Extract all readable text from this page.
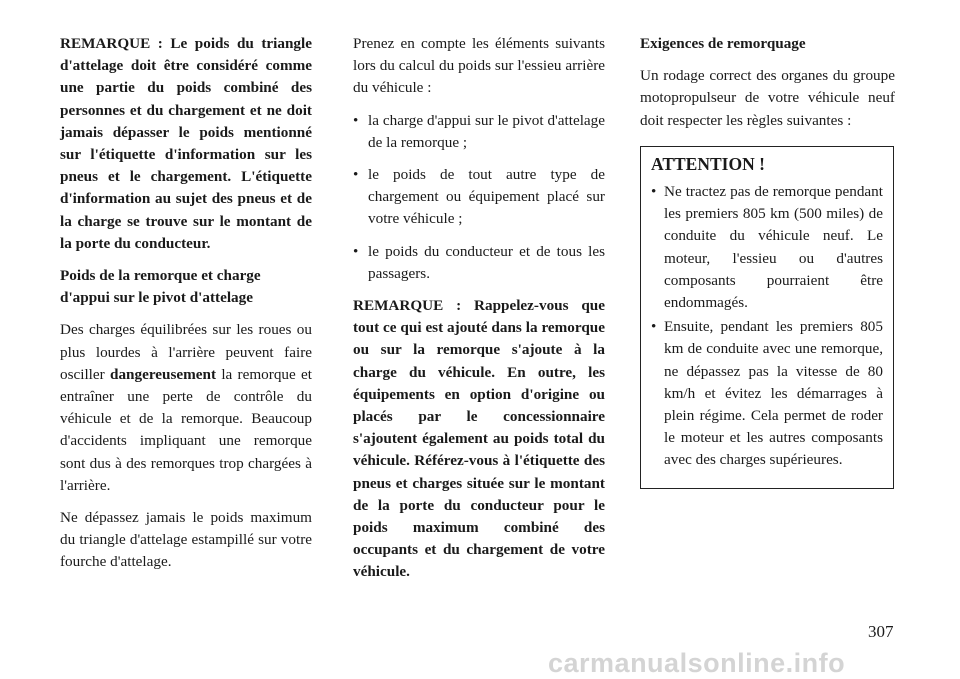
REMARQUE : Le poids du triangle d'attelage doit être considéré comme une partie du poids combiné des personnes et du chargement et ne doit jamais dépasser le poids mentionné sur l'étiquette d'information sur les pneus et le chargement. L'étiquette d'information au sujet des pneus et de la charge se trouve sur le montant de la porte du conducteur.

Poids de la remorque et charge d'appui sur le pivot d'attelage

Des charges équilibrées sur les roues ou plus lourdes à l'arrière peuvent faire osciller dangereusement la remorque et entraîner une perte de contrôle du véhicule et de la remorque. Beaucoup d'accidents impliquant une remorque sont dus à des remorques trop chargées à l'arrière.

Ne dépassez jamais le poids maximum du triangle d'attelage estampillé sur votre fourche d'attelage.

Prenez en compte les éléments suivants lors du calcul du poids sur l'essieu arrière du véhicule :

• la charge d'appui sur le pivot d'attelage de la remorque ;
• le poids de tout autre type de chargement ou équipement placé sur votre véhicule ;
• le poids du conducteur et de tous les passagers.

REMARQUE : Rappelez-vous que tout ce qui est ajouté dans la remorque ou sur la remorque s'ajoute à la charge du véhicule. En outre, les équipements en option d'origine ou placés par le concessionnaire s'ajoutent également au poids total du véhicule. Référez-vous à l'étiquette des pneus et charges située sur le montant de la porte du conducteur pour le poids maximum combiné des occupants et du chargement de votre véhicule.

Exigences de remorquage

Un rodage correct des organes du groupe motopropulseur de votre véhicule neuf doit respecter les règles suivantes :

ATTENTION !
• Ne tractez pas de remorque pendant les premiers 805 km (500 miles) de conduite du véhicule neuf. Le moteur, l'essieu ou d'autres composants pourraient être endommagés.
• Ensuite, pendant les premiers 805 km de conduite avec une remorque, ne dépassez pas la vitesse de 80 km/h et évitez les démarrages à plein régime. Cela permet de roder le moteur et les autres composants avec des charges supérieures.
307
carmanualsonline.info
